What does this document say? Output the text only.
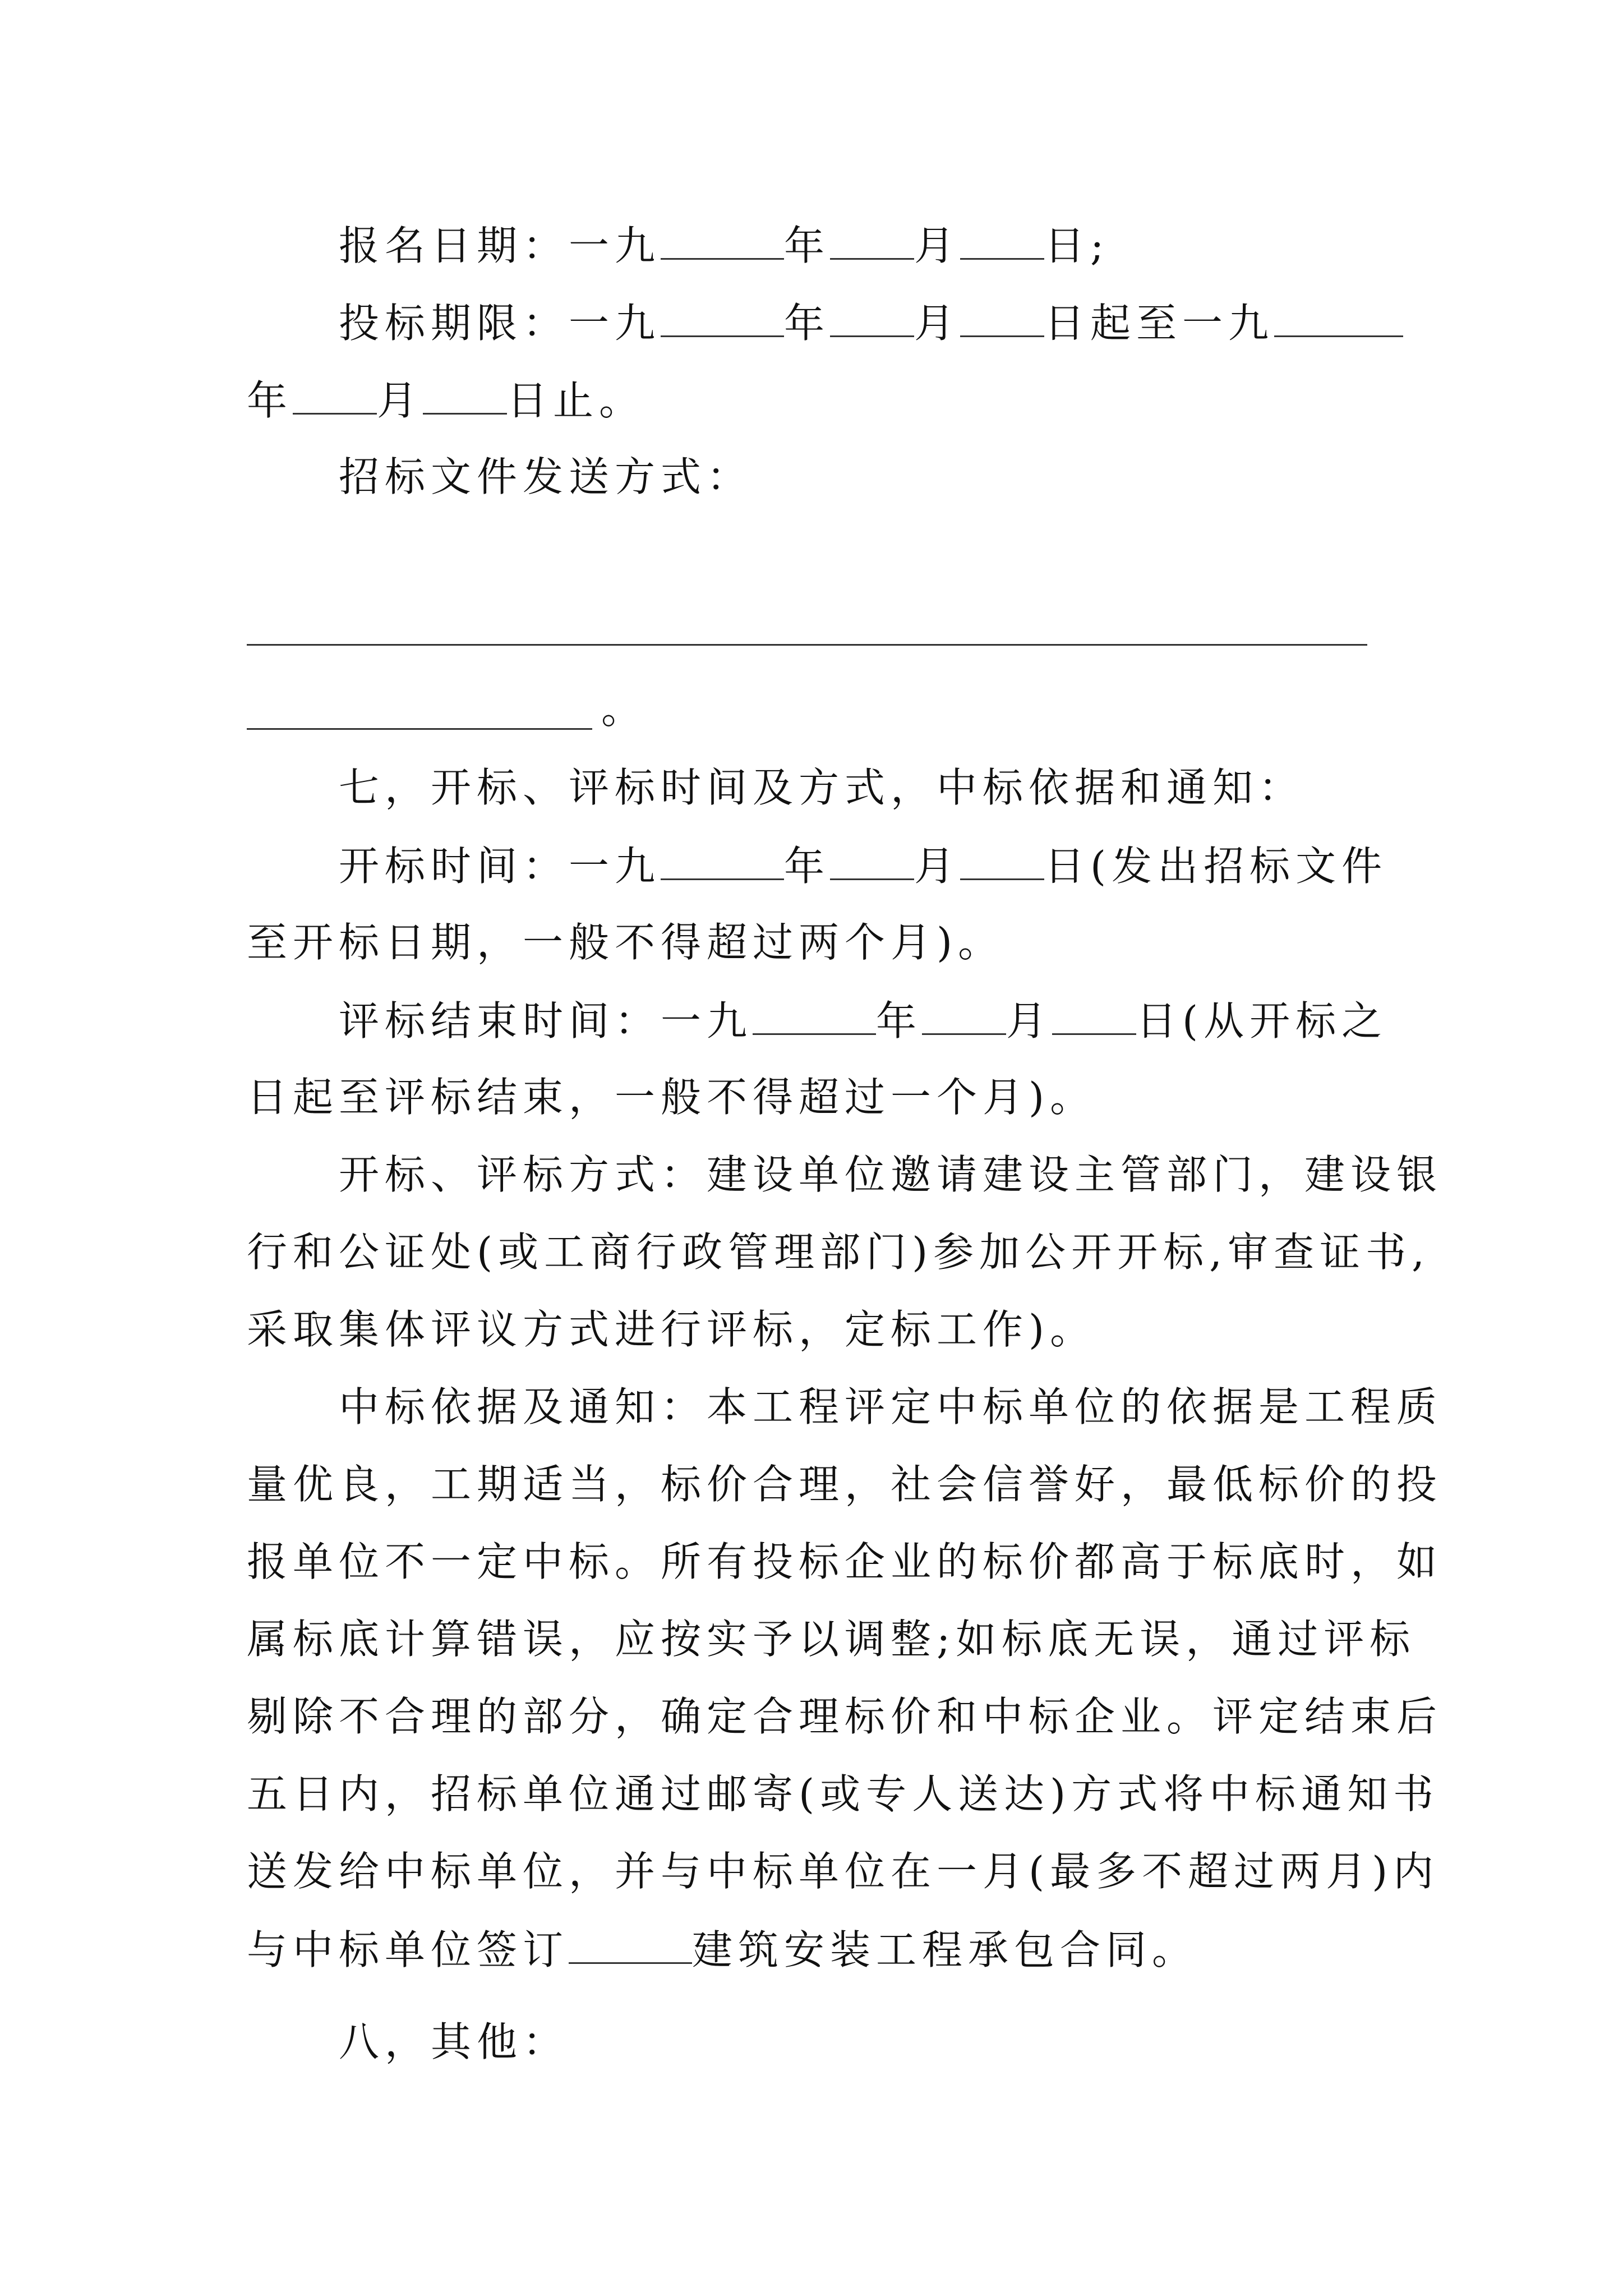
报名日期：一九	年 月 日;
投标期限：一九	年 月 日起至一九
年 月 日止。
招标文件发送方式：
。
七，开标、评标时间及方式，中标依据和通知：
开标时间：一九	年 月 日(发出招标文件
至开标日期，一般不得超过两个月)。
评标结束时间：一九	年 月 日(从开标之
日起至评标结束，一般不得超过一个月)。
开标、评标方式：建设单位邀请建设主管部门，建设银
行和公证处(或工商行政管理部门)参加公开开标,审查证书,
采取集体评议方式进行评标，定标工作)。
中标依据及通知：本工程评定中标单位的依据是工程质
量优良，工期适当，标价合理，社会信誉好，最低标价的投
报单位不一定中标。所有投标企业的标价都高于标底时，如
属标底计算错误，应按实予以调整;如标底无误，通过评标
剔除不合理的部分，确定合理标价和中标企业。评定结束后
五日内，招标单位通过邮寄(或专人送达)方式将中标通知书
送发给中标单位，并与中标单位在一月(最多不超过两月)内
与中标单位签订	建筑安装工程承包合同。
八，其他：
